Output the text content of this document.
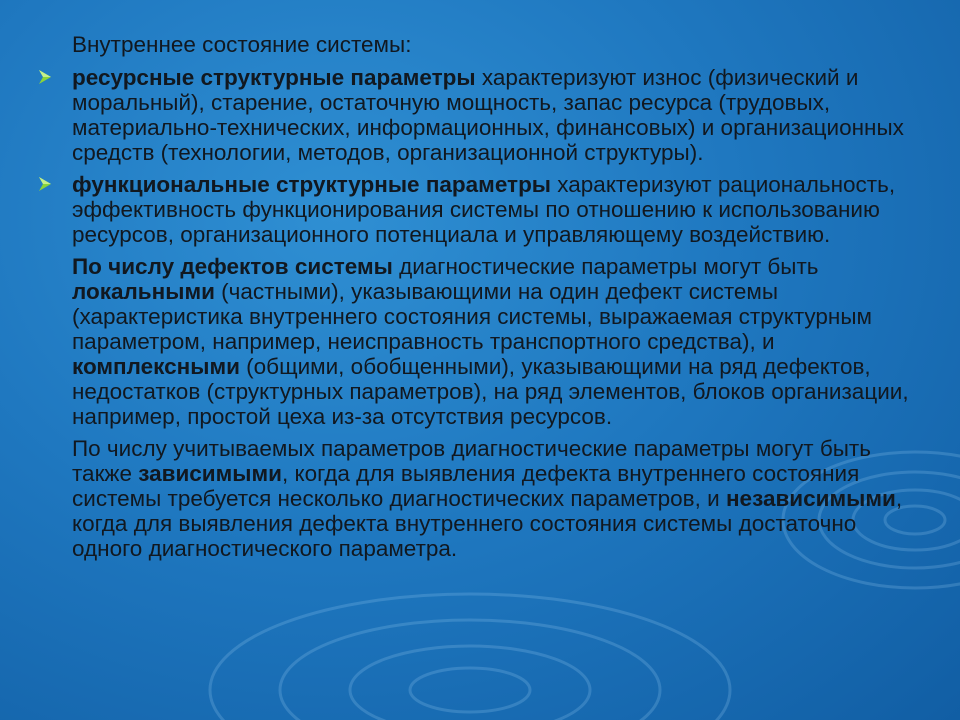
Внутреннее состояние системы:
ресурсные структурные параметры характеризуют износ (физический и моральный), старение, остаточную мощность, запас ресурса (трудовых, материально-технических, информационных, финансовых) и организационных средств (технологии, методов, организационной структуры).
функциональные структурные параметры характеризуют рациональность, эффективность функционирования системы по отношению к использованию ресурсов, организационного потенциала и управляющему воздействию.
По числу дефектов системы диагностические параметры могут быть локальными (частными), указывающими на один дефект системы (характеристика внутреннего состояния системы, выражаемая структурным параметром, например, неисправность транспортного средства), и комплексными (общими, обобщенными), указывающими на ряд дефектов, недостатков (структурных параметров), на ряд элементов, блоков организации, например, простой цеха из-за отсутствия ресурсов.
По числу учитываемых параметров диагностические параметры могут быть также зависимыми, когда для выявления дефекта внутреннего состояния системы требуется несколько диагностических параметров, и независимыми, когда для выявления дефекта внутреннего состояния системы достаточно одного диагностического параметра.
